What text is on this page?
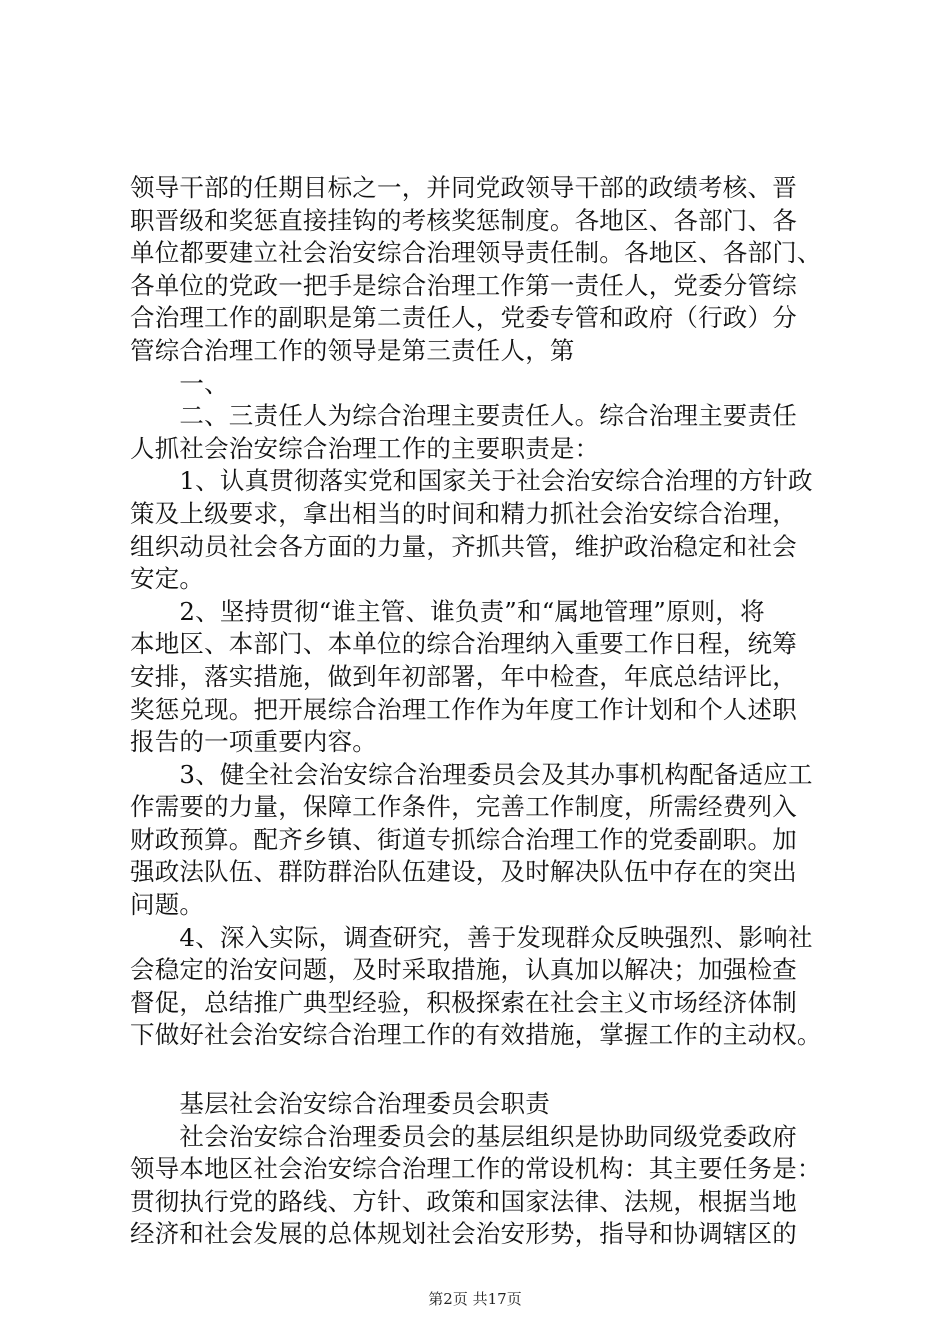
领导干部的任期目标之一，并同党政领导干部的政绩考核、晋
职晋级和奖惩直接挂钩的考核奖惩制度。各地区、各部门、各
单位都要建立社会治安综合治理领导责任制。各地区、各部门、
各单位的党政一把手是综合治理工作第一责任人，党委分管综
合治理工作的副职是第二责任人，党委专管和政府（行政）分
管综合治理工作的领导是第三责任人，第
　　一、
　　二、三责任人为综合治理主要责任人。综合治理主要责任
人抓社会治安综合治理工作的主要职责是：
　　1、认真贯彻落实党和国家关于社会治安综合治理的方针政
策及上级要求，拿出相当的时间和精力抓社会治安综合治理，
组织动员社会各方面的力量，齐抓共管，维护政治稳定和社会
安定。
　　2、坚持贯彻“谁主管、谁负责”和“属地管理”原则，将
本地区、本部门、本单位的综合治理纳入重要工作日程，统筹
安排，落实措施，做到年初部署，年中检查，年底总结评比，
奖惩兑现。把开展综合治理工作作为年度工作计划和个人述职
报告的一项重要内容。
　　3、健全社会治安综合治理委员会及其办事机构配备适应工
作需要的力量，保障工作条件，完善工作制度，所需经费列入
财政预算。配齐乡镇、街道专抓综合治理工作的党委副职。加
强政法队伍、群防群治队伍建设，及时解决队伍中存在的突出
问题。
　　4、深入实际，调查研究，善于发现群众反映强烈、影响社
会稳定的治安问题，及时采取措施，认真加以解决；加强检查
督促，总结推广典型经验，积极探索在社会主义市场经济体制
下做好社会治安综合治理工作的有效措施，掌握工作的主动权。
　　基层社会治安综合治理委员会职责
　　社会治安综合治理委员会的基层组织是协助同级党委政府
领导本地区社会治安综合治理工作的常设机构：其主要任务是：
贯彻执行党的路线、方针、政策和国家法律、法规，根据当地
经济和社会发展的总体规划社会治安形势，指导和协调辖区的
第2页 共17页
